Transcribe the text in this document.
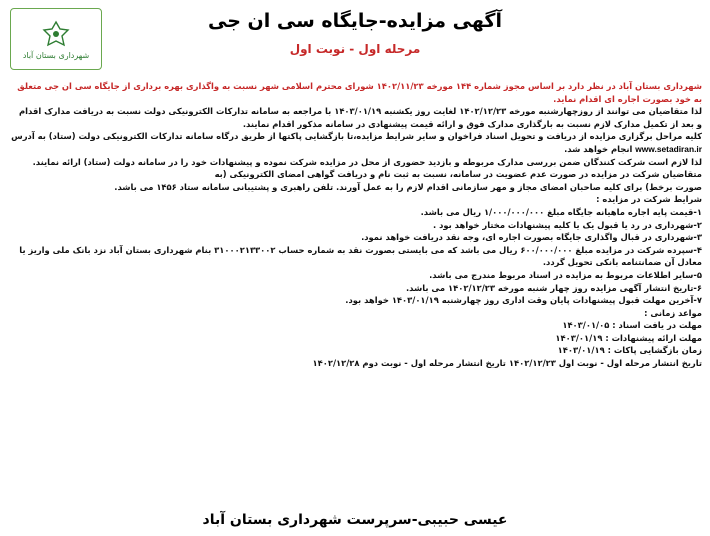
شهرداری بستان آباد
آگهی مزایده-جایگاه سی ان جی
مرحله اول - نوبت اول

شهرداری بستان آباد در نظر دارد بر اساس مجوز شماره ۱۴۴ مورخه ۱۴۰۲/۱۱/۲۳ شورای محترم اسلامی شهر نسبت به واگذاری بهره برداری از جایگاه سی ان جی متعلق

به خود بصورت اجاره ای اقدام نماید.

لذا متقاضیان می توانند از روزچهارشنبه مورخه ۱۴۰۲/۱۲/۲۳ لغایت روز یکشنبه ۱۴۰۳/۰۱/۱۹ با مراجعه به سامانه تدارکات الکترونیکی دولت نسبت به دریافت مدارک اقدام

و بعد از تکمیل مدارک لازم نسبت به بارگذاری مدارک فوق و ارائه قیمت پیشنهادی در سامانه مذکور اقدام نمایند.

کلیه مراحل برگزاری مزایده از دریافت و تحویل اسناد فراخوان و سایر شرایط مزایده،تا بازگشایی پاکتها از طریق درگاه سامانه تدارکات الکترونیکی دولت (ستاد) به آدرس

www.setadiran.ir انجام خواهد شد.

لذا لازم است شرکت کنندگان ضمن بررسی مدارک مربوطه و بازدید حضوری از محل در مزایده شرکت نموده و پیشنهادات خود را در سامانه دولت (ستاد) ارائه نمایند.

متقاضیان شرکت در مزایده در صورت عدم عضویت در سامانه، نسبت به ثبت نام و دریافت گواهی امضای الکترونیکی (به

صورت برخط) برای کلیه صاحبان امضای مجاز و مهر سازمانی اقدام لازم را به عمل آورند. تلفن راهبری و پشتیبانی سامانه ستاد ۱۴۵۶ می باشد.

شرایط شرکت در مزایده :

۱-قیمت پایه اجاره ماهیانه جایگاه مبلغ ۱/۰۰۰/۰۰۰/۰۰۰ ریال می باشد.

۲-شهرداری در رد یا قبول یک یا کلیه پیشنهادات مختار خواهد بود .

۳-شهرداری در قبال واگذاری جایگاه بصورت اجاره ای، وجه نقد دریافت خواهد نمود.

۴-سپرده شرکت در مزایده مبلغ ۶۰۰/۰۰۰/۰۰۰ ریال می باشد که می بایستی بصورت نقد به شماره حساب ۳۱۰۰۰۲۱۳۳۰۰۲ بنام شهرداری بستان آباد نزد بانک ملی واریز یا

معادل آن ضمانتنامه بانکی تحویل گردد.

۵-سایر اطلاعات مربوط به مزایده در اسناد مربوط مندرج می باشد.

۶-تاریخ انتشار آگهی مزایده روز چهار شنبه مورخه ۱۴۰۲/۱۲/۲۳ می باشد.

۷-آخرین مهلت قبول پیشنهادات پایان وقت اداری روز چهارشنبه ۱۴۰۳/۰۱/۱۹ خواهد بود.

مواعد زمانی :

مهلت در یافت اسناد : ۱۴۰۳/۰۱/۰۵

مهلت ارائه پیشنهادات : ۱۴۰۳/۰۱/۱۹

زمان بازگشایی پاکات : ۱۴۰۳/۰۱/۱۹

تاریخ انتشار مرحله اول - نوبت اول ۱۴۰۲/۱۲/۲۳ تاریخ انتشار مرحله اول - نوبت دوم ۱۴۰۲/۱۲/۲۸

عیسی حبیبی-سرپرست شهرداری بستان آباد
